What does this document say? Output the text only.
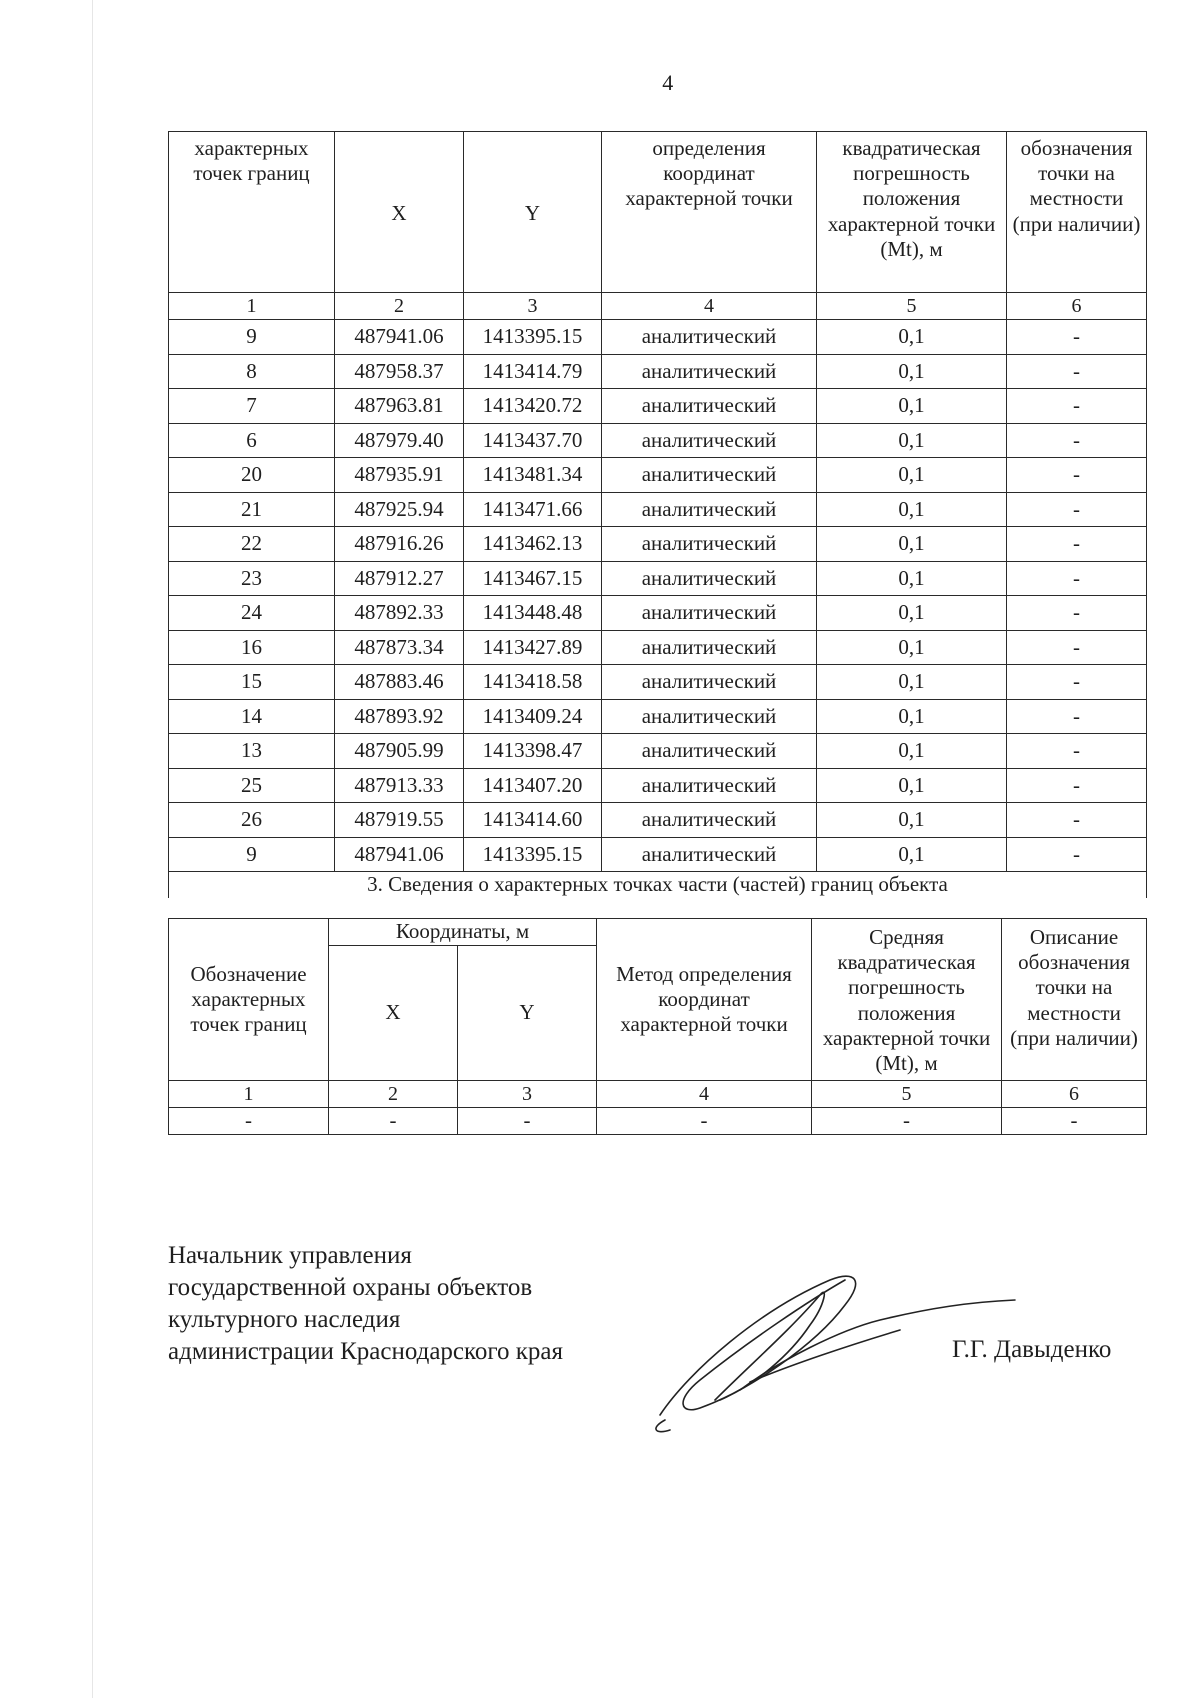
4
характерных точек границ	X	Y	определения координат характерной точки	квадратическая погрешность положения характерной точки (Mt), м	обозначения точки на местности (при наличии)
1	2	3	4	5	6
9	487941.06	1413395.15	аналитический	0,1	-
8	487958.37	1413414.79	аналитический	0,1	-
7	487963.81	1413420.72	аналитический	0,1	-
6	487979.40	1413437.70	аналитический	0,1	-
20	487935.91	1413481.34	аналитический	0,1	-
21	487925.94	1413471.66	аналитический	0,1	-
22	487916.26	1413462.13	аналитический	0,1	-
23	487912.27	1413467.15	аналитический	0,1	-
24	487892.33	1413448.48	аналитический	0,1	-
16	487873.34	1413427.89	аналитический	0,1	-
15	487883.46	1413418.58	аналитический	0,1	-
14	487893.92	1413409.24	аналитический	0,1	-
13	487905.99	1413398.47	аналитический	0,1	-
25	487913.33	1413407.20	аналитический	0,1	-
26	487919.55	1413414.60	аналитический	0,1	-
9	487941.06	1413395.15	аналитический	0,1	-
3. Сведения о характерных точках части (частей) границ объекта					
Обозначение характерных точек границ	Координаты, м		Метод определения координат характерной точки	Средняя квадратическая погрешность положения характерной точки (Mt), м	Описание обозначения точки на местности (при наличии)
	X	Y			
1	2	3	4	5	6
-	-	-	-	-	-
Начальник управления
государственной охраны объектов
культурного наследия
администрации Краснодарского края	Г.Г. Давыденко
